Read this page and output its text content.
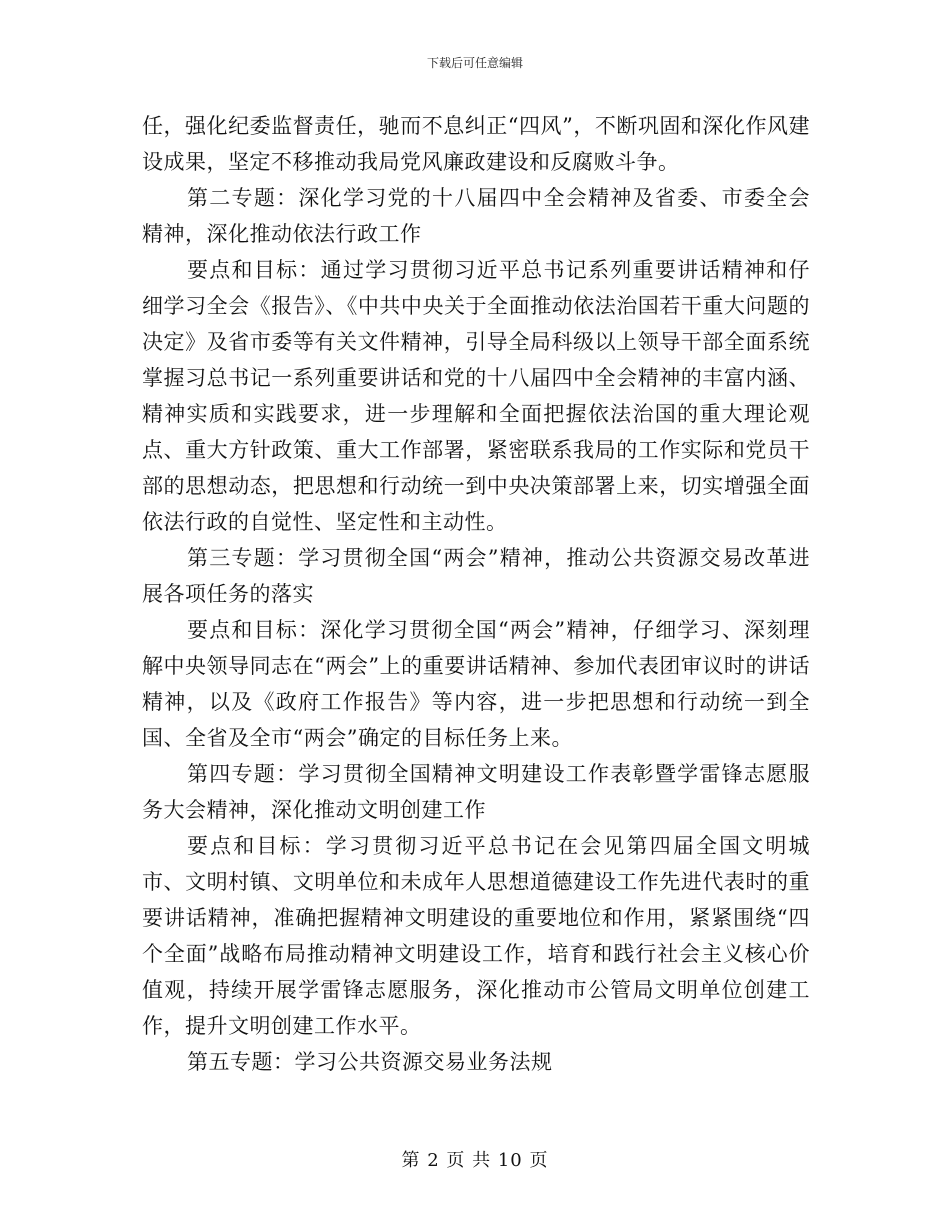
下载后可任意编辑

任，强化纪委监督责任，驰而不息纠正“四风”，不断巩固和深化作风建设成果，坚定不移推动我局党风廉政建设和反腐败斗争。

第二专题：深化学习党的十八届四中全会精神及省委、市委全会精神，深化推动依法行政工作

要点和目标：通过学习贯彻习近平总书记系列重要讲话精神和仔细学习全会《报告》、《中共中央关于全面推动依法治国若干重大问题的决定》及省市委等有关文件精神，引导全局科级以上领导干部全面系统掌握习总书记一系列重要讲话和党的十八届四中全会精神的丰富内涵、精神实质和实践要求，进一步理解和全面把握依法治国的重大理论观点、重大方针政策、重大工作部署，紧密联系我局的工作实际和党员干部的思想动态，把思想和行动统一到中央决策部署上来，切实增强全面依法行政的自觉性、坚定性和主动性。

第三专题：学习贯彻全国“两会”精神，推动公共资源交易改革进展各项任务的落实

要点和目标：深化学习贯彻全国“两会”精神，仔细学习、深刻理解中央领导同志在“两会”上的重要讲话精神、参加代表团审议时的讲话精神，以及《政府工作报告》等内容，进一步把思想和行动统一到全国、全省及全市“两会”确定的目标任务上来。

第四专题：学习贯彻全国精神文明建设工作表彰暨学雷锋志愿服务大会精神，深化推动文明创建工作

要点和目标：学习贯彻习近平总书记在会见第四届全国文明城市、文明村镇、文明单位和未成年人思想道德建设工作先进代表时的重要讲话精神，准确把握精神文明建设的重要地位和作用，紧紧围绕“四个全面”战略布局推动精神文明建设工作，培育和践行社会主义核心价值观，持续开展学雷锋志愿服务，深化推动市公管局文明单位创建工作，提升文明创建工作水平。

第五专题：学习公共资源交易业务法规

第 2 页 共 10 页
